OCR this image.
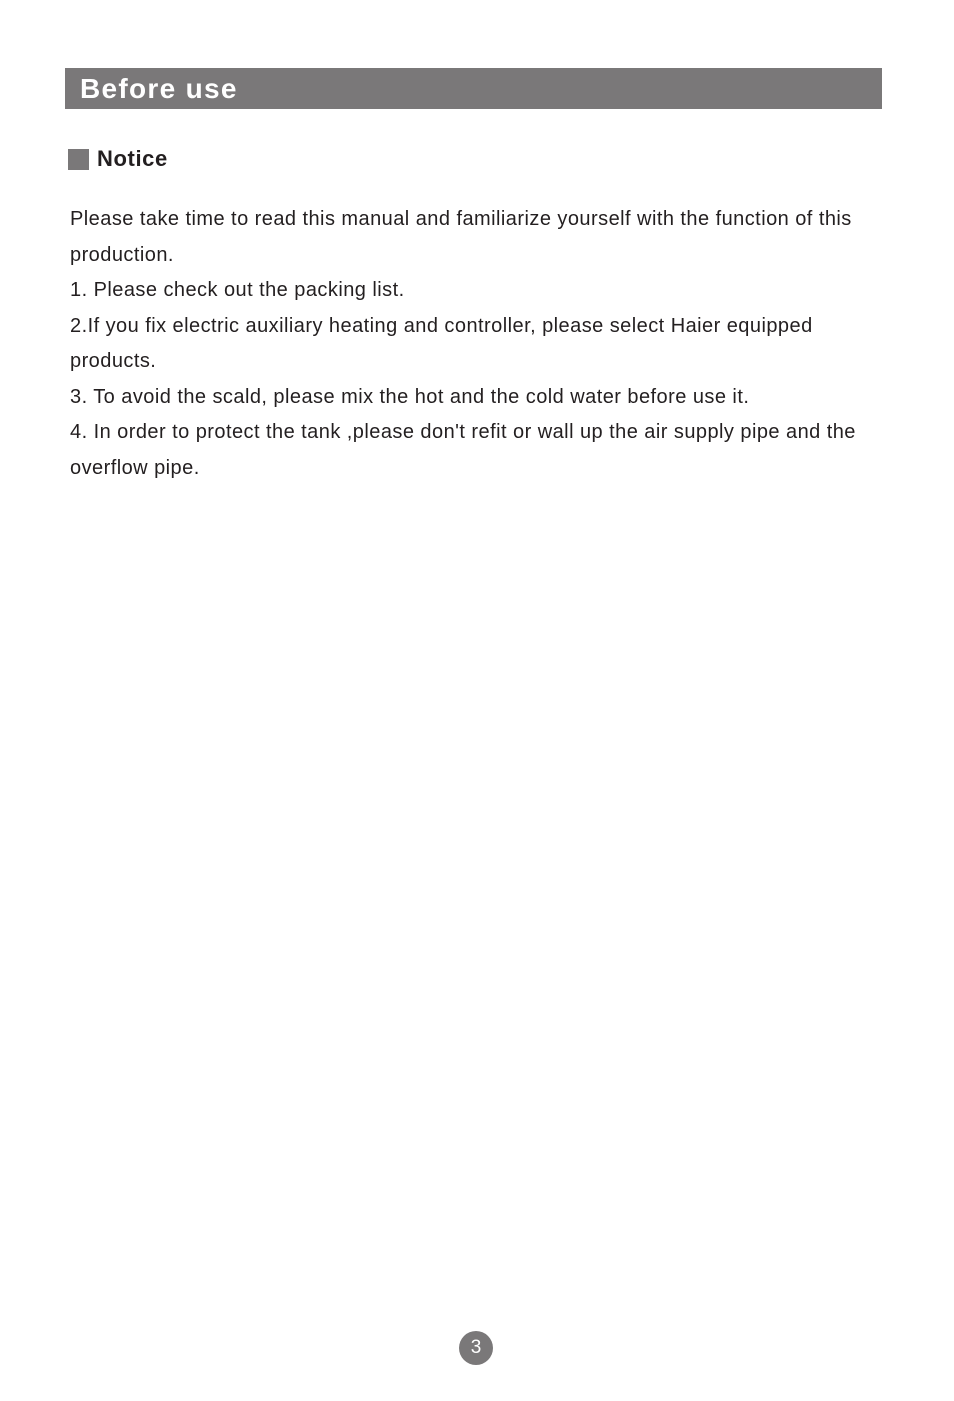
Before use
Notice

Please take time to read this manual and familiarize yourself with the function of this production.

1. Please check out the packing list.

2.If you fix electric auxiliary heating and controller, please select Haier equipped products.

3. To avoid the scald, please mix the hot and the cold water before use it.

4. In order to protect the tank ,please don't refit or wall up the air supply pipe and the overflow pipe.

3
